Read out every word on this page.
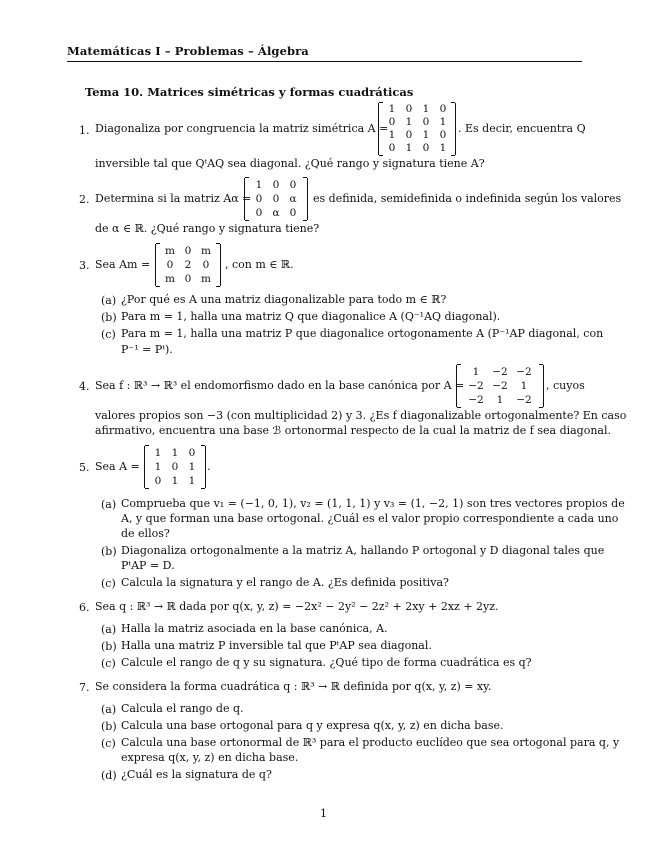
Matemáticas I – Problemas – Álgebra
Tema 10. Matrices simétricas y formas cuadráticas
1. Diagonaliza por congruencia la matriz simétrica A =
1 0 1 0
0 1 0 1
1 0 1 0
0 1 0 1
. Es decir, encuentra Q
inversible tal que QᵗAQ sea diagonal. ¿Qué rango y signatura tiene A?
2. Determina si la matriz Aα =
1 0 0
0 0 α
0 α 0
es definida, semidefinida o indefinida según los valores
de α ∈ ℝ. ¿Qué rango y signatura tiene?
3. Sea Am =
m 0 m
0	2	0
m 0 m
, con m ∈ ℝ.
(a) ¿Por qué es A una matriz diagonalizable para todo m ∈ ℝ?
(b) Para m = 1, halla una matriz Q que diagonalice A (Q⁻¹AQ diagonal).
(c) Para m = 1, halla una matriz P que diagonalice ortogonamente A (P⁻¹AP diagonal, con
P⁻¹ = Pᵗ).
4. Sea f : ℝ³ → ℝ³ el endomorfismo dado en la base canónica por A =
1	−2 −2
−2 −2	1
−2	1	−2
, cuyos
valores propios son −3 (con multiplicidad 2) y 3. ¿Es f diagonalizable ortogonalmente? En caso
afirmativo, encuentra una base ℬ ortonormal respecto de la cual la matriz de f sea diagonal.
5. Sea A =
1 1 0
1 0 1
0 1 1
.
(a) Comprueba que v₁ = (−1, 0, 1), v₂ = (1, 1, 1) y v₃ = (1, −2, 1) son tres vectores propios de
A, y que forman una base ortogonal. ¿Cuál es el valor propio correspondiente a cada uno
de ellos?
(b) Diagonaliza ortogonalmente a la matriz A, hallando P ortogonal y D diagonal tales que
PᵗAP = D.
(c) Calcula la signatura y el rango de A. ¿Es definida positiva?
6. Sea q : ℝ³ → ℝ dada por q(x, y, z) = −2x² − 2y² − 2z² + 2xy + 2xz + 2yz.
(a) Halla la matriz asociada en la base canónica, A.
(b) Halla una matriz P inversible tal que PᵗAP sea diagonal.
(c) Calcule el rango de q y su signatura. ¿Qué tipo de forma cuadrática es q?
7. Se considera la forma cuadrática q : ℝ³ → ℝ definida por q(x, y, z) = xy.
(a) Calcula el rango de q.
(b) Calcula una base ortogonal para q y expresa q(x, y, z) en dicha base.
(c) Calcula una base ortonormal de ℝ³ para el producto euclídeo que sea ortogonal para q, y
expresa q(x, y, z) en dicha base.
(d) ¿Cuál es la signatura de q?
1
